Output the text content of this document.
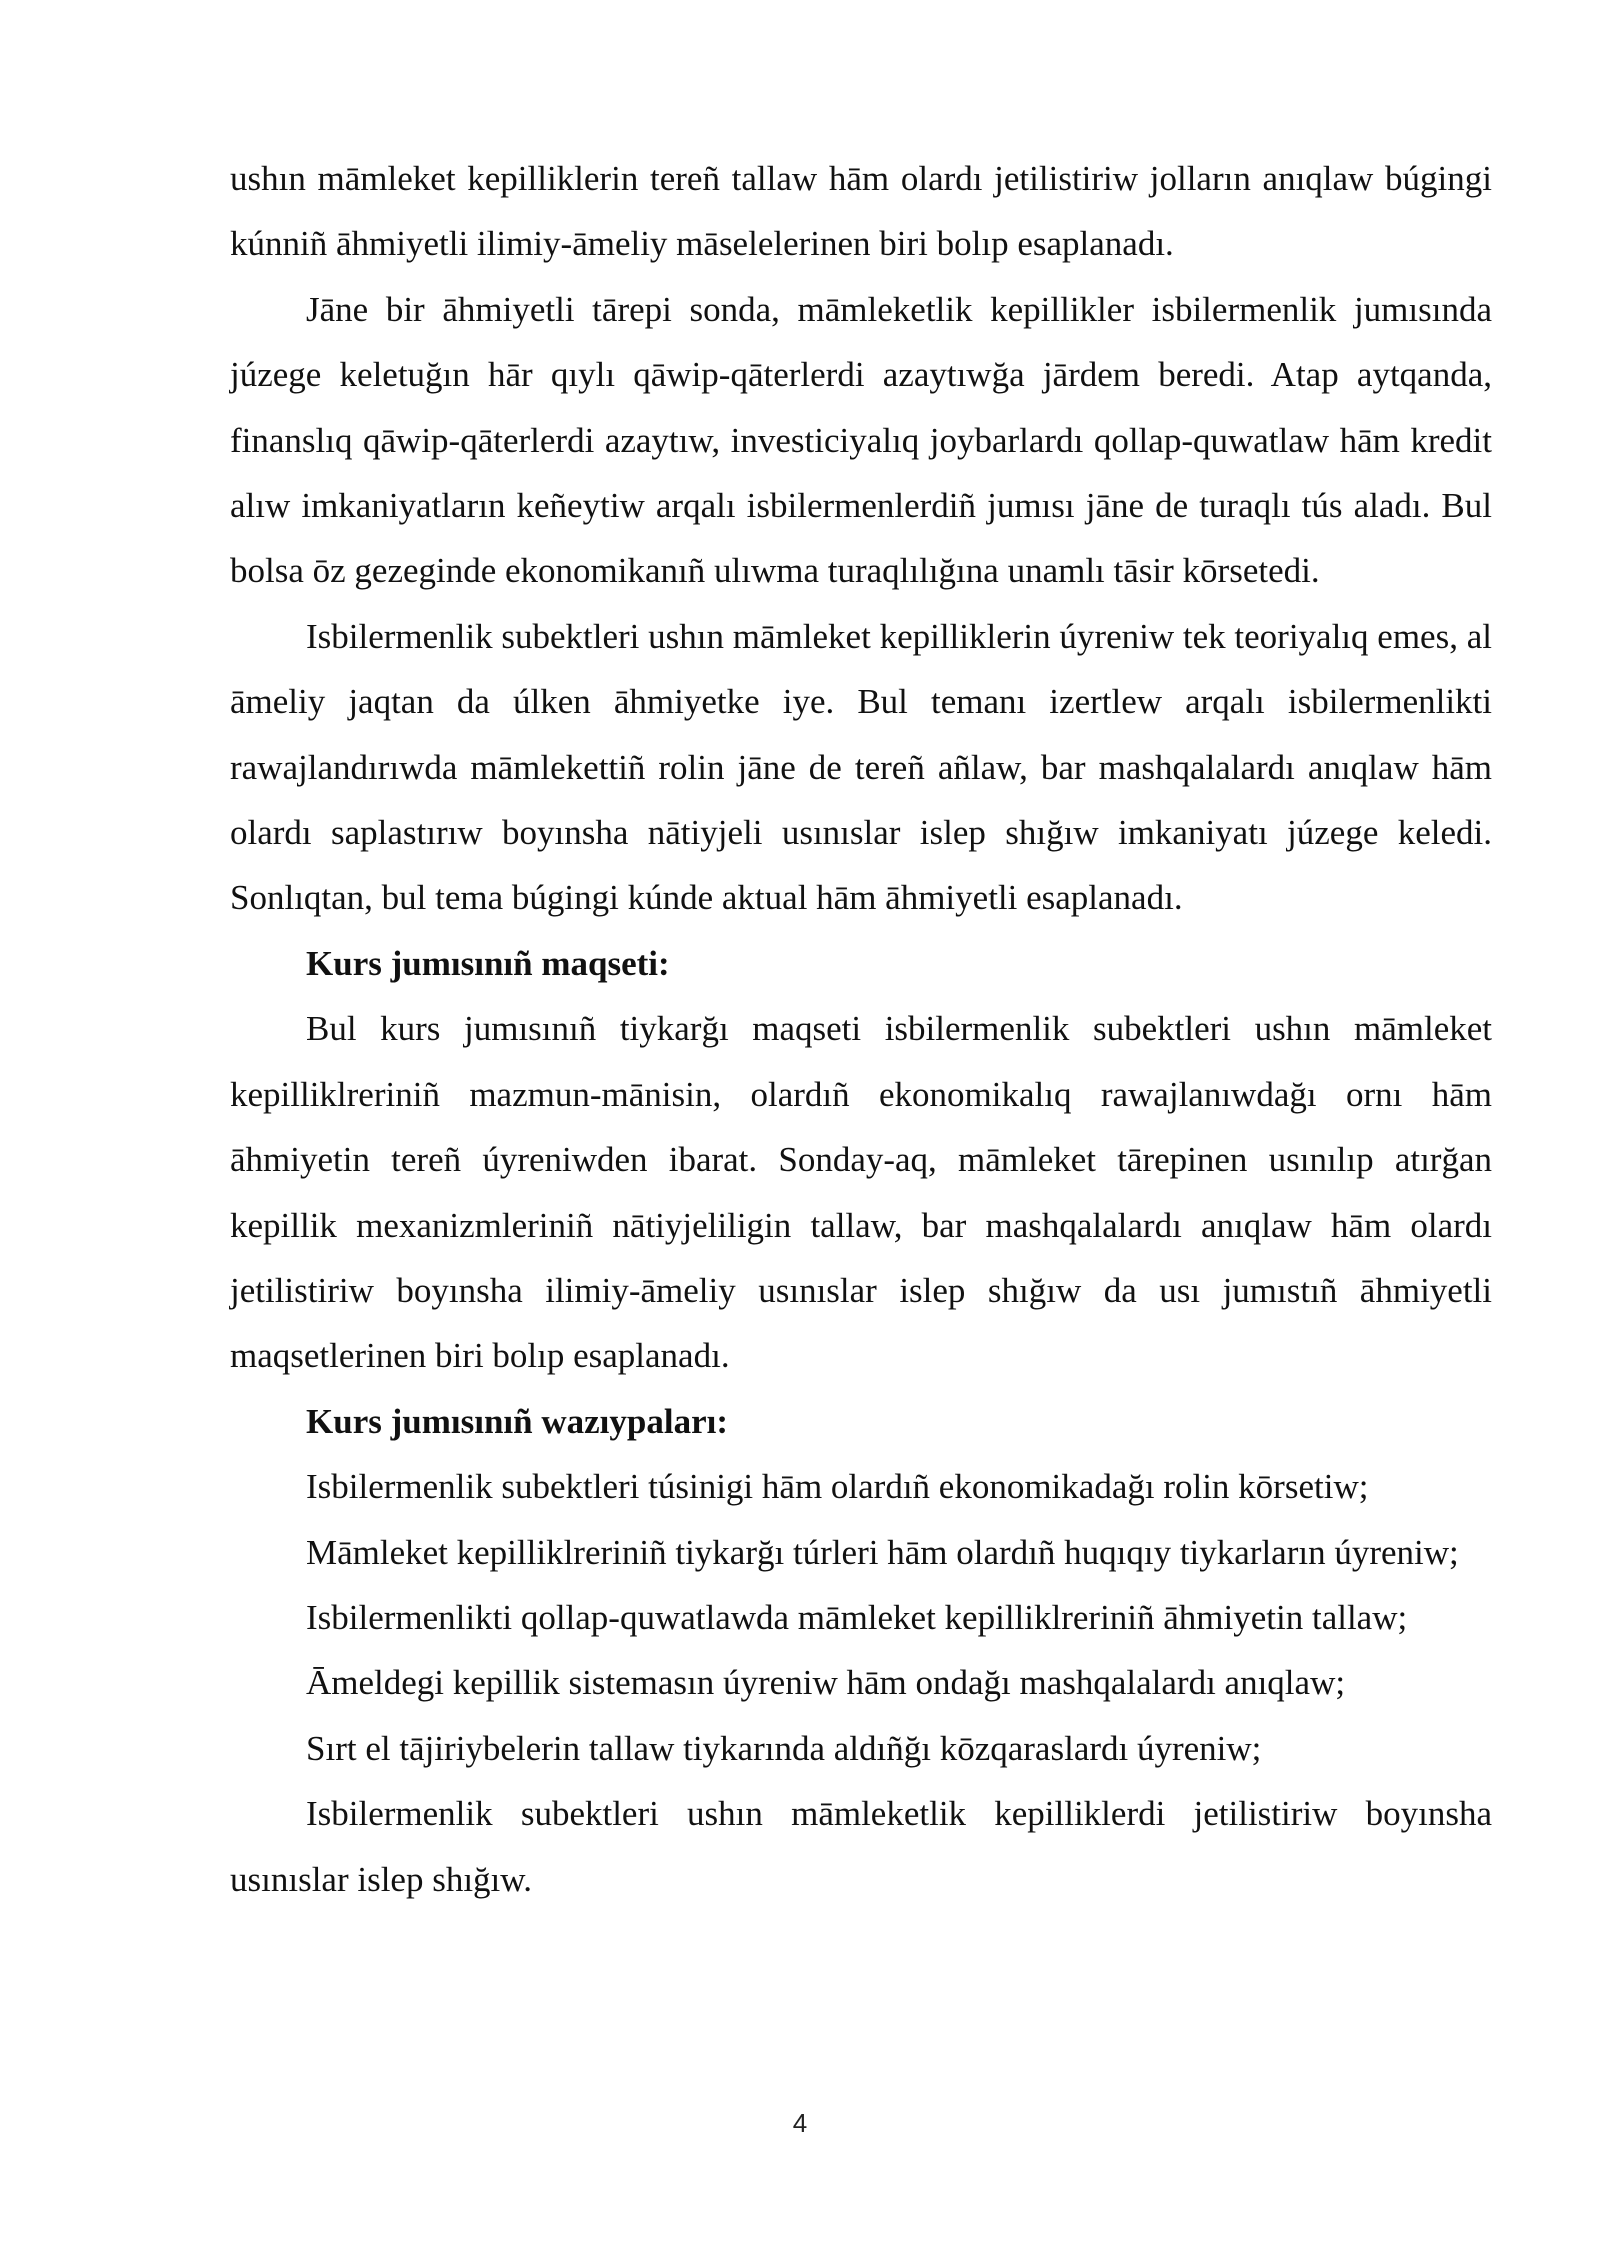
ushın māmleket kepilliklerin tereñ tallaw hām olardı jetilistiriw jolların anıqlaw búgingi kúnniñ āhmiyetli ilimiy-āmeliy māselelerinen biri bolıp esaplanadı.

Jāne bir āhmiyetli tārepi sonda, māmleketlik kepillikler isbilermenlik jumısında júzege keletuğın hār qıylı qāwip-qāterlerdi azaytıwğa jārdem beredi. Atap aytqanda, finanslıq qāwip-qāterlerdi azaytıw, investiciyalıq joybarlardı qollap-quwatlaw hām kredit alıw imkaniyatların keñeytiw arqalı isbilermenlerdiñ jumısı jāne de turaqlı tús aladı. Bul bolsa ōz gezeginde ekonomikanıñ ulıwma turaqlılığına unamlı tāsir kōrsetedi.

Isbilermenlik subektleri ushın māmleket kepilliklerin úyreniw tek teoriyalıq emes, al āmeliy jaqtan da úlken āhmiyetke iye. Bul temanı izertlew arqalı isbilermenlikti rawajlandırıwda māmlekettiñ rolin jāne de tereñ añlaw, bar mashqalalardı anıqlaw hām olardı saplastırıw boyınsha nātiyjeli usınıslar islep shığıw imkaniyatı júzege keledi. Sonlıqtan, bul tema búgingi kúnde aktual hām āhmiyetli esaplanadı.

Kurs jumısınıñ maqseti:

Bul kurs jumısınıñ tiykarğı maqseti isbilermenlik subektleri ushın māmleket kepilliklreriniñ mazmun-mānisin, olardıñ ekonomikalıq rawajlanıwdağı ornı hām āhmiyetin tereñ úyreniwden ibarat. Sonday-aq, māmleket tārepinen usınılıp atırğan kepillik mexanizmleriniñ nātiyjeliligin tallaw, bar mashqalalardı anıqlaw hām olardı jetilistiriw boyınsha ilimiy-āmeliy usınıslar islep shığıw da usı jumıstıñ āhmiyetli maqsetlerinen biri bolıp esaplanadı.

Kurs jumısınıñ wazıypaları:

Isbilermenlik subektleri túsinigi hām olardıñ ekonomikadağı rolin kōrsetiw;

Māmleket kepilliklreriniñ tiykarğı túrleri hām olardıñ huqıqıy tiykarların úyreniw;

Isbilermenlikti qollap-quwatlawda māmleket kepilliklreriniñ āhmiyetin tallaw;

Āmeldegi kepillik sistemasın úyreniw hām ondağı mashqalalardı anıqlaw;

Sırt el tājiriybelerin tallaw tiykarında aldıñğı kōzqaraslardı úyreniw;

Isbilermenlik subektleri ushın māmleketlik kepilliklerdi jetilistiriw boyınsha usınıslar islep shığıw.

4
